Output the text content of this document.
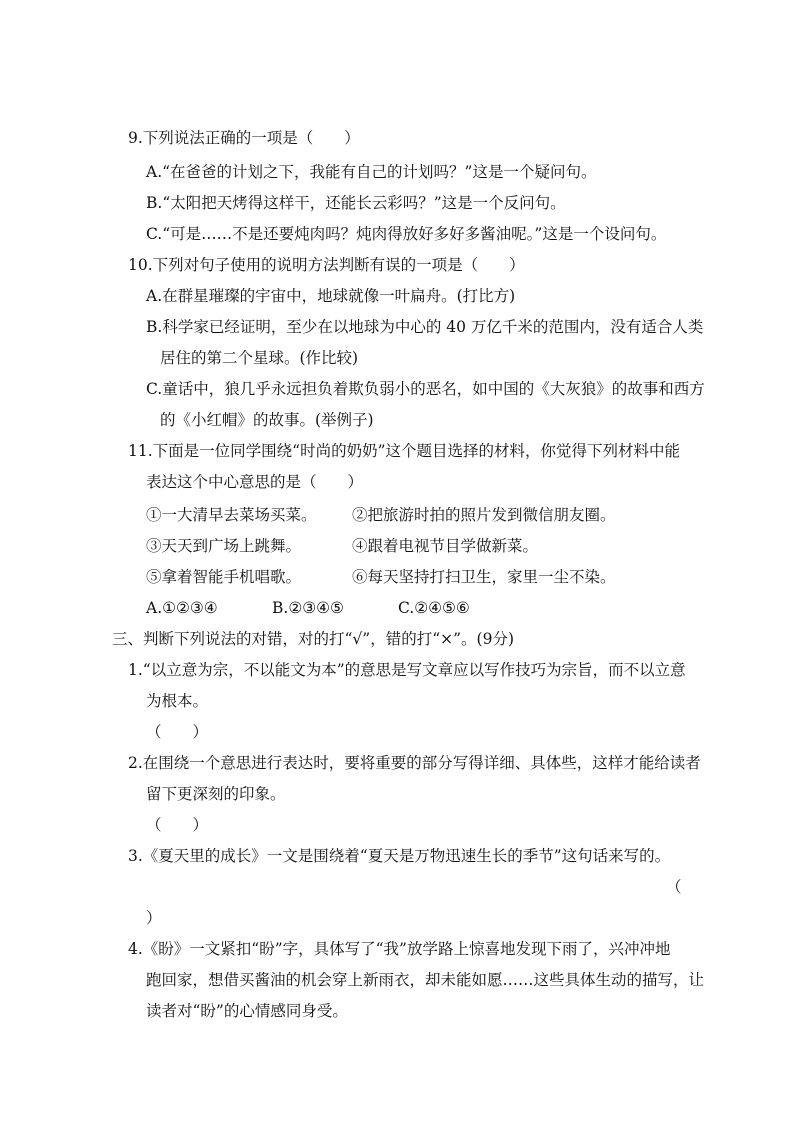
9.下列说法正确的一项是（　　）
A.“在爸爸的计划之下，我能有自己的计划吗？”这是一个疑问句。
B.“太阳把天烤得这样干，还能长云彩吗？”这是一个反问句。
C.“可是……不是还要炖肉吗？炖肉得放好多好多酱油呢。”这是一个设问句。
10.下列对句子使用的说明方法判断有误的一项是（　　）
A.在群星璀璨的宇宙中，地球就像一叶扁舟。(打比方)
B.科学家已经证明，至少在以地球为中心的 40 万亿千米的范围内，没有适合人类
居住的第二个星球。(作比较)
C.童话中，狼几乎永远担负着欺负弱小的恶名，如中国的《大灰狼》的故事和西方
的《小红帽》的故事。(举例子)
11.下面是一位同学围绕“时尚的奶奶”这个题目选择的材料，你觉得下列材料中能
表达这个中心意思的是（　　）
①一大清早去菜场买菜。 ②把旅游时拍的照片发到微信朋友圈。
③天天到广场上跳舞。	④跟着电视节目学做新菜。
⑤拿着智能手机唱歌。	⑥每天坚持打扫卫生，家里一尘不染。
A.①②③④	B.②③④⑤	C.②④⑤⑥
三、判断下列说法的对错，对的打“√”，错的打“×”。(9分)
1.“以立意为宗，不以能文为本”的意思是写文章应以写作技巧为宗旨，而不以立意
为根本。
（　　）
2.在围绕一个意思进行表达时，要将重要的部分写得详细、具体些，这样才能给读者
留下更深刻的印象。
（　　）
3.《夏天里的成长》一文是围绕着“夏天是万物迅速生长的季节”这句话来写的。
（
）
4.《盼》一文紧扣“盼”字，具体写了“我”放学路上惊喜地发现下雨了，兴冲冲地
跑回家，想借买酱油的机会穿上新雨衣，却未能如愿……这些具体生动的描写，让
读者对“盼”的心情感同身受。
